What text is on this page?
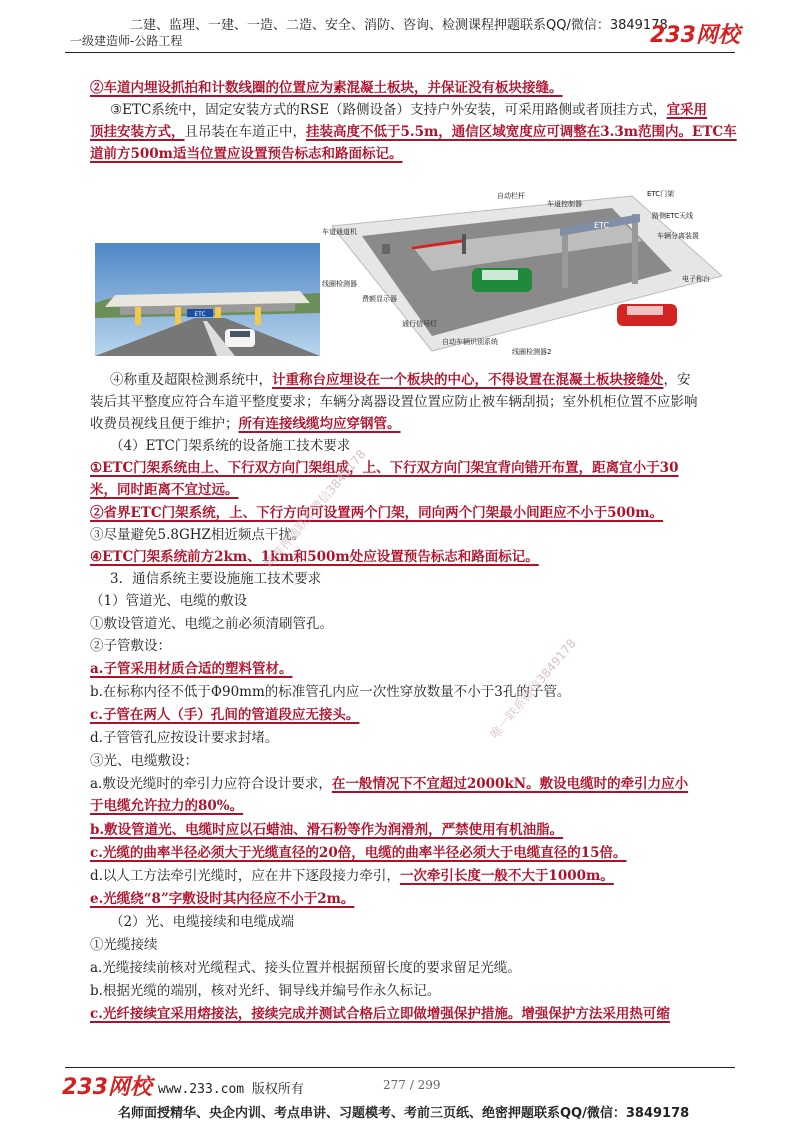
二建、监理、一建、一造、二造、安全、消防、咨询、检测课程押题联系QQ/微信：3849178
一级建造师-公路工程	233网校
②车道内埋设抓拍和计数线圈的位置应为素混凝土板块，并保证没有板块接缝。
③ETC系统中，固定安装方式的RSE（路侧设备）支持户外安装，可采用路侧或者顶挂方式，宜采用
顶挂安装方式，且吊装在车道正中，挂装高度不低于5.5m，通信区域宽度应可调整在3.3m范围内。ETC车
道前方500m适当位置应设置预告标志和路面标记。
ETC
ETC
车道通道机
自动栏杆
车道控制器
ETC门架
路侧ETC天线
车辆分离装置
电子称台
线圈检测器
费额显示器
通行信号灯
自动车辆识别系统
线圈检测器2
④称重及超限检测系统中，计重称台应埋设在一个板块的中心，不得设置在混凝土板块接缝处，安
装后其平整度应符合车道平整度要求；车辆分离器设置位置应防止被车辆刮损；室外机柜位置不应影响
收费员视线且便于维护；所有连接线缆均应穿钢管。
（4）ETC门架系统的设备施工技术要求
①ETC门架系统由上、下行双方向门架组成，上、下行双方向门架宜背向错开布置，距离宜小于30
米，同时距离不宜过远。
②省界ETC门架系统，上、下行方向可设置两个门架，同向两个门架最小间距应不小于500m。
③尽量避免5.8GHZ相近频点干扰。
④ETC门架系统前方2km、1km和500m处应设置预告标志和路面标记。
3．通信系统主要设施施工技术要求
（1）管道光、电缆的敷设
①敷设管道光、电缆之前必须清刷管孔。
②子管敷设：
a.子管采用材质合适的塑料管材。
b.在标称内径不低于Φ90mm的标准管孔内应一次性穿放数量不小于3孔的子管。
c.子管在两人（手）孔间的管道段应无接头。
d.子管管孔应按设计要求封堵。
③光、电缆敷设：
a.敷设光缆时的牵引力应符合设计要求，在一般情况下不宜超过2000kN。敷设电缆时的牵引力应小
于电缆允许拉力的80%。
b.敷设管道光、电缆时应以石蜡油、滑石粉等作为润滑剂，严禁使用有机油脂。
c.光缆的曲率半径必须大于光缆直径的20倍，电缆的曲率半径必须大于电缆直径的15倍。
d.以人工方法牵引光缆时，应在井下逐段接力牵引，一次牵引长度一般不大于1000m。
e.光缆绕“8”字敷设时其内径应不小于2m。
（2）光、电缆接续和电缆成端
①光缆接续
a.光缆接续前核对光缆程式、接头位置并根据预留长度的要求留足光缆。
b.根据光缆的端别，核对光纤、铜导线并编号作永久标记。
c.光纤接续宜采用熔接法，接续完成并测试合格后立即做增强保护措施。增强保护方法采用热可缩
精准押题联系微信3849178
唯一联系微信3849178
233网校 www.233.com 版权所有	277 / 299
名师面授精华、央企内训、考点串讲、习题模考、考前三页纸、绝密押题联系QQ/微信：3849178
